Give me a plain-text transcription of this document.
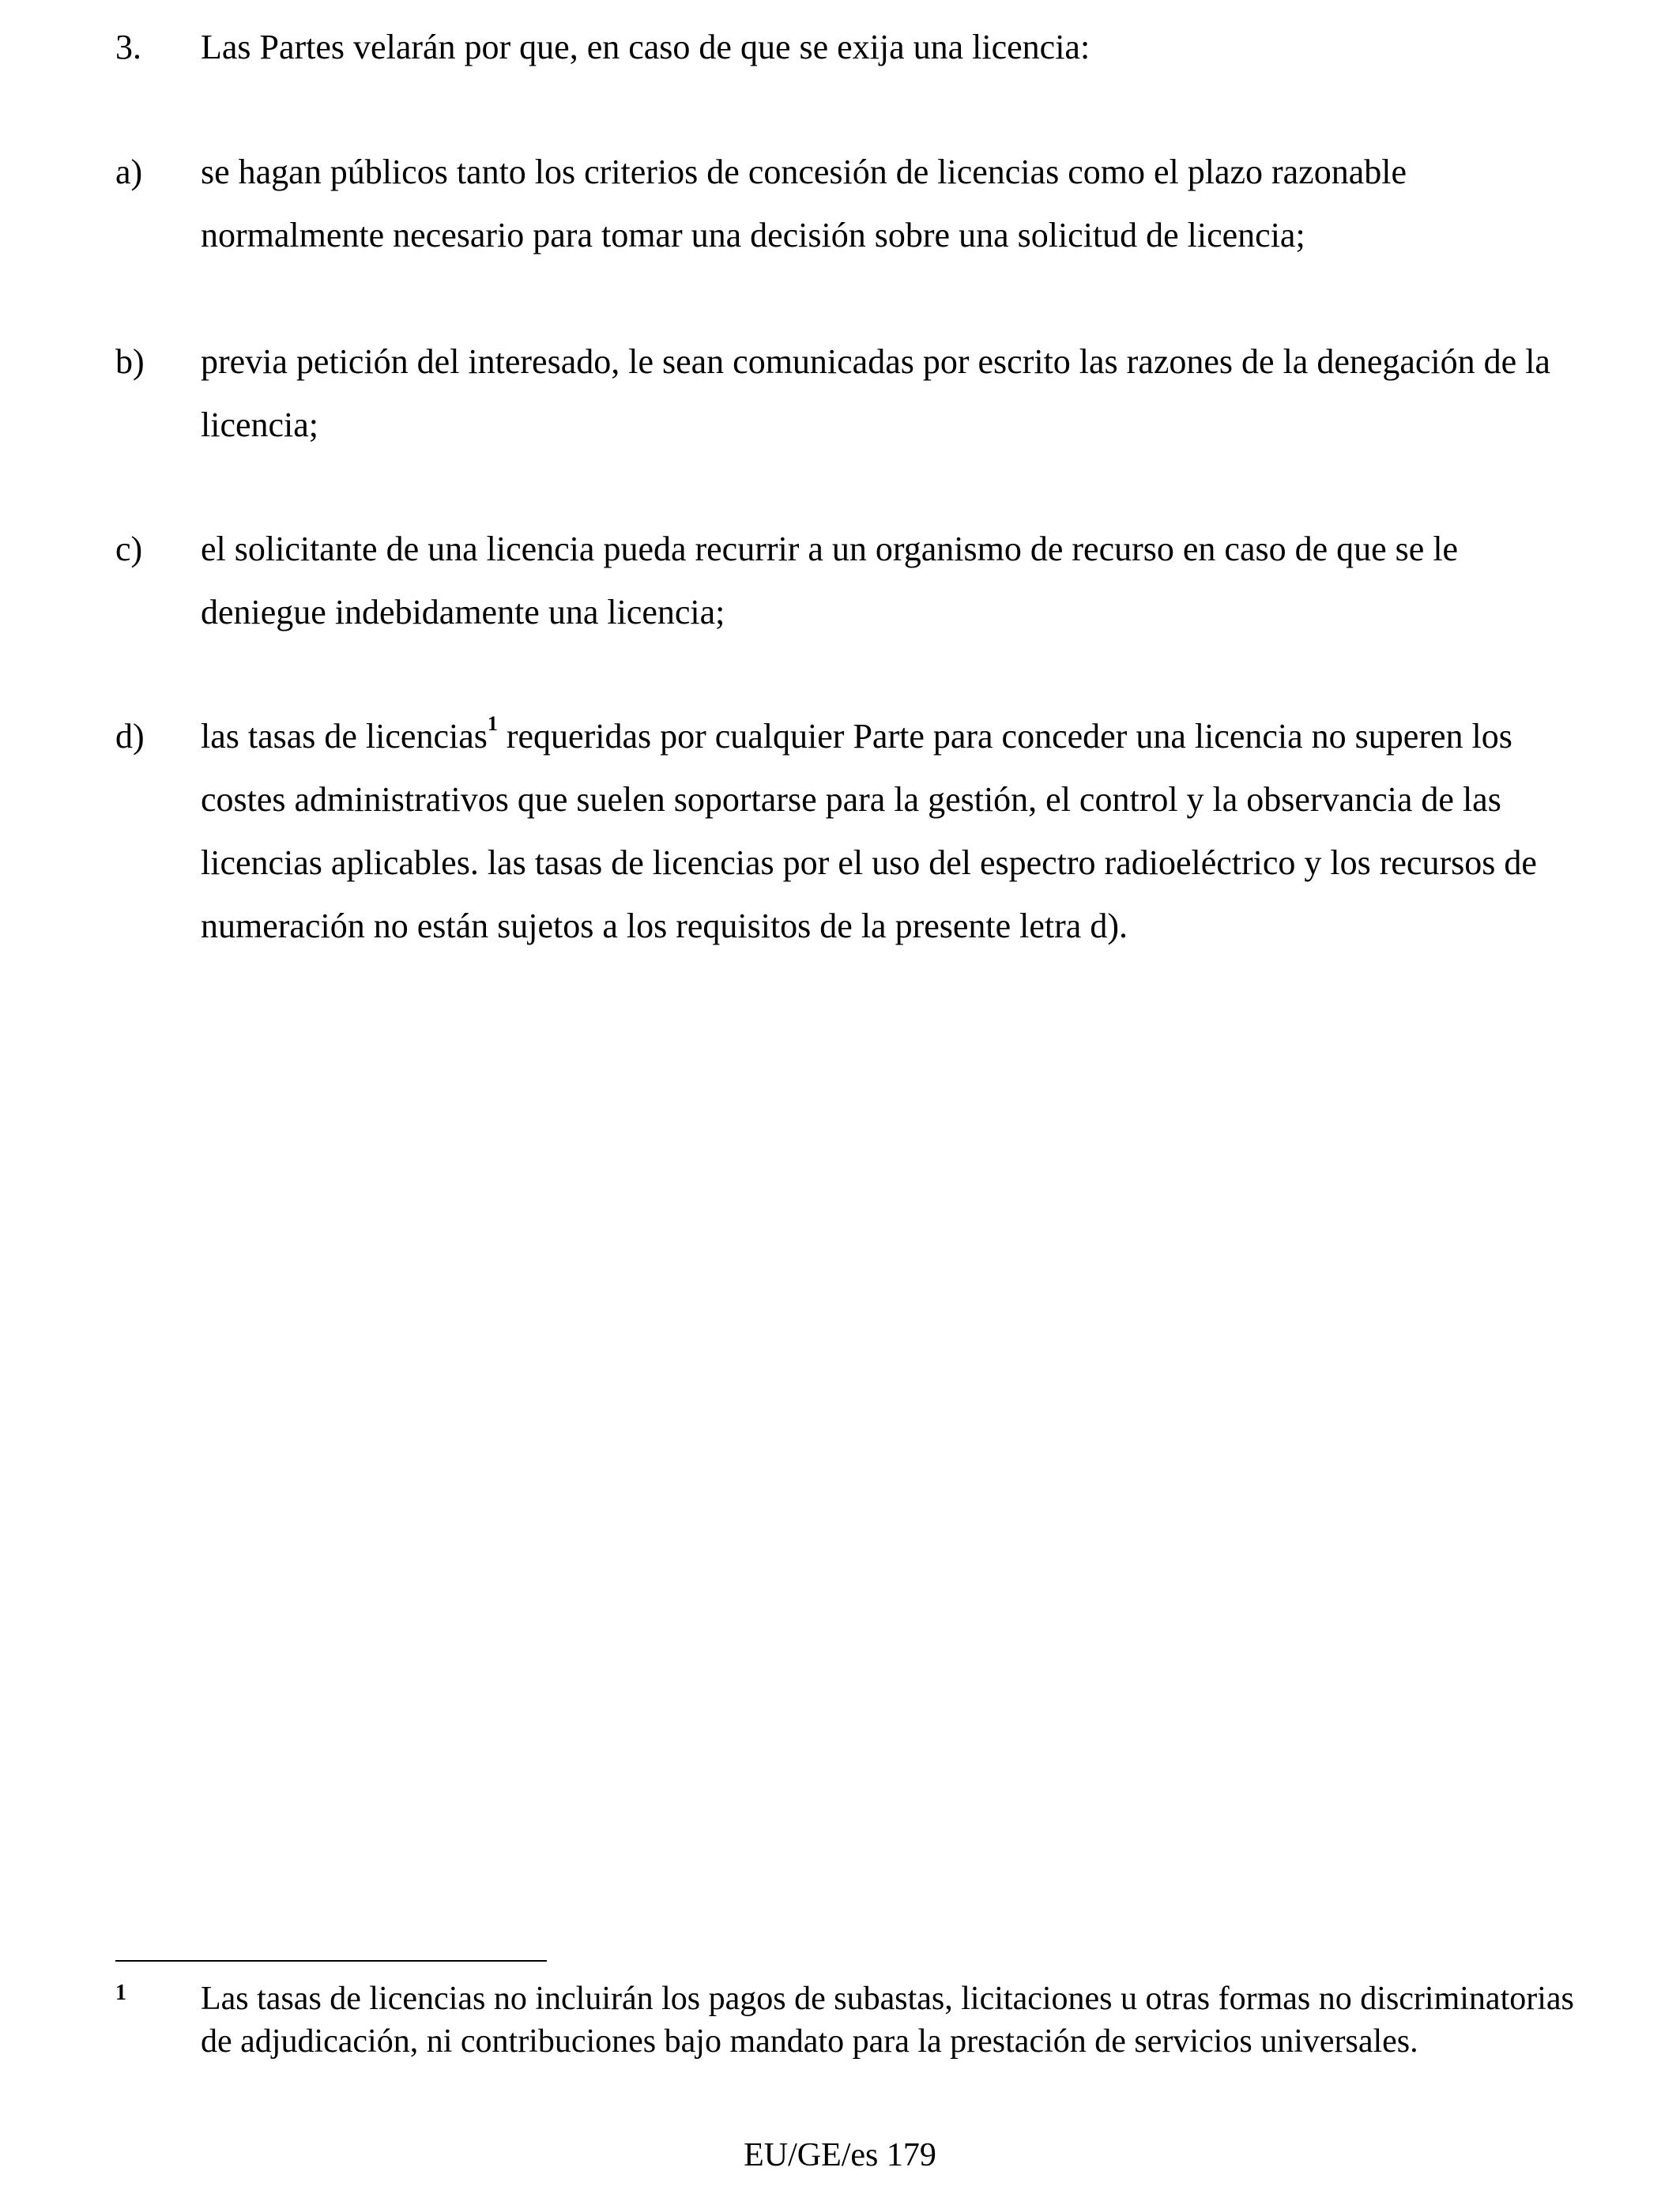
3.	Las Partes velarán por que, en caso de que se exija una licencia:
a)	se hagan públicos tanto los criterios de concesión de licencias como el plazo razonable normalmente necesario para tomar una decisión sobre una solicitud de licencia;
b)	previa petición del interesado, le sean comunicadas por escrito las razones de la denegación de la licencia;
c)	el solicitante de una licencia pueda recurrir a un organismo de recurso en caso de que se le deniegue indebidamente una licencia;
d)	las tasas de licencias$^1$ requeridas por cualquier Parte para conceder una licencia no superen los costes administrativos que suelen soportarse para la gestión, el control y la observancia de las licencias aplicables. las tasas de licencias por el uso del espectro radioeléctrico y los recursos de numeración no están sujetos a los requisitos de la presente letra d).
1	Las tasas de licencias no incluirán los pagos de subastas, licitaciones u otras formas no discriminatorias de adjudicación, ni contribuciones bajo mandato para la prestación de servicios universales.
EU/GE/es 179
